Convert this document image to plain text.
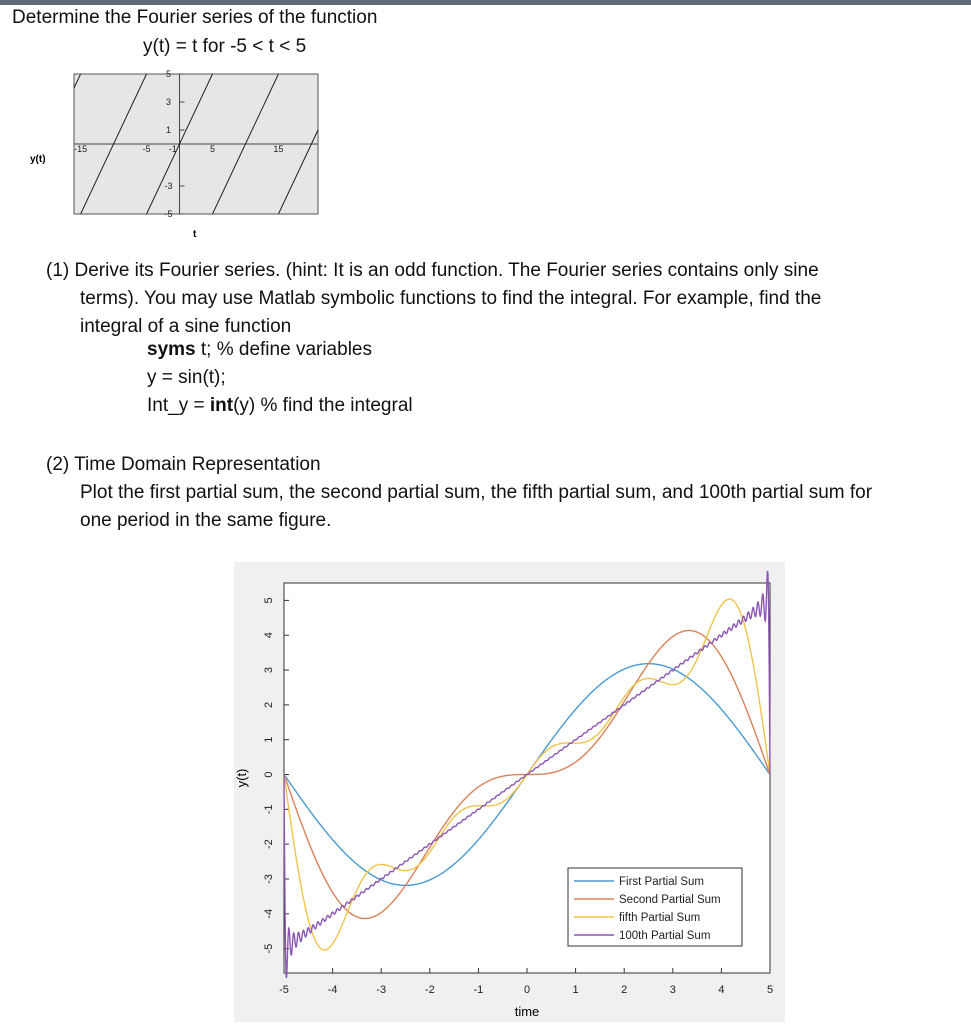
Determine the Fourier series of the function
y(t) = t for -5 < t < 5
-15	-5 -1	5	15
5
3
1
-3
-5
y(t)
t
(1) Derive its Fourier series. (hint: It is an odd function. The Fourier series contains only sine
terms). You may use Matlab symbolic functions to find the integral. For example, find the
integral of a sine function
syms t; % define variables
y = sin(t);
Int_y = int(y) % find the integral
(2) Time Domain Representation
Plot the first partial sum, the second partial sum, the fifth partial sum, and 100th partial sum for
one period in the same figure.
-5	-4	-3	-2	-1	0	1	2	3	4	5
5
4
3
2
1
0
-1
-2
-3
-4
-5
First Partial Sum
Second Partial Sum
fifth Partial Sum
100th Partial Sum
time
y(t)
